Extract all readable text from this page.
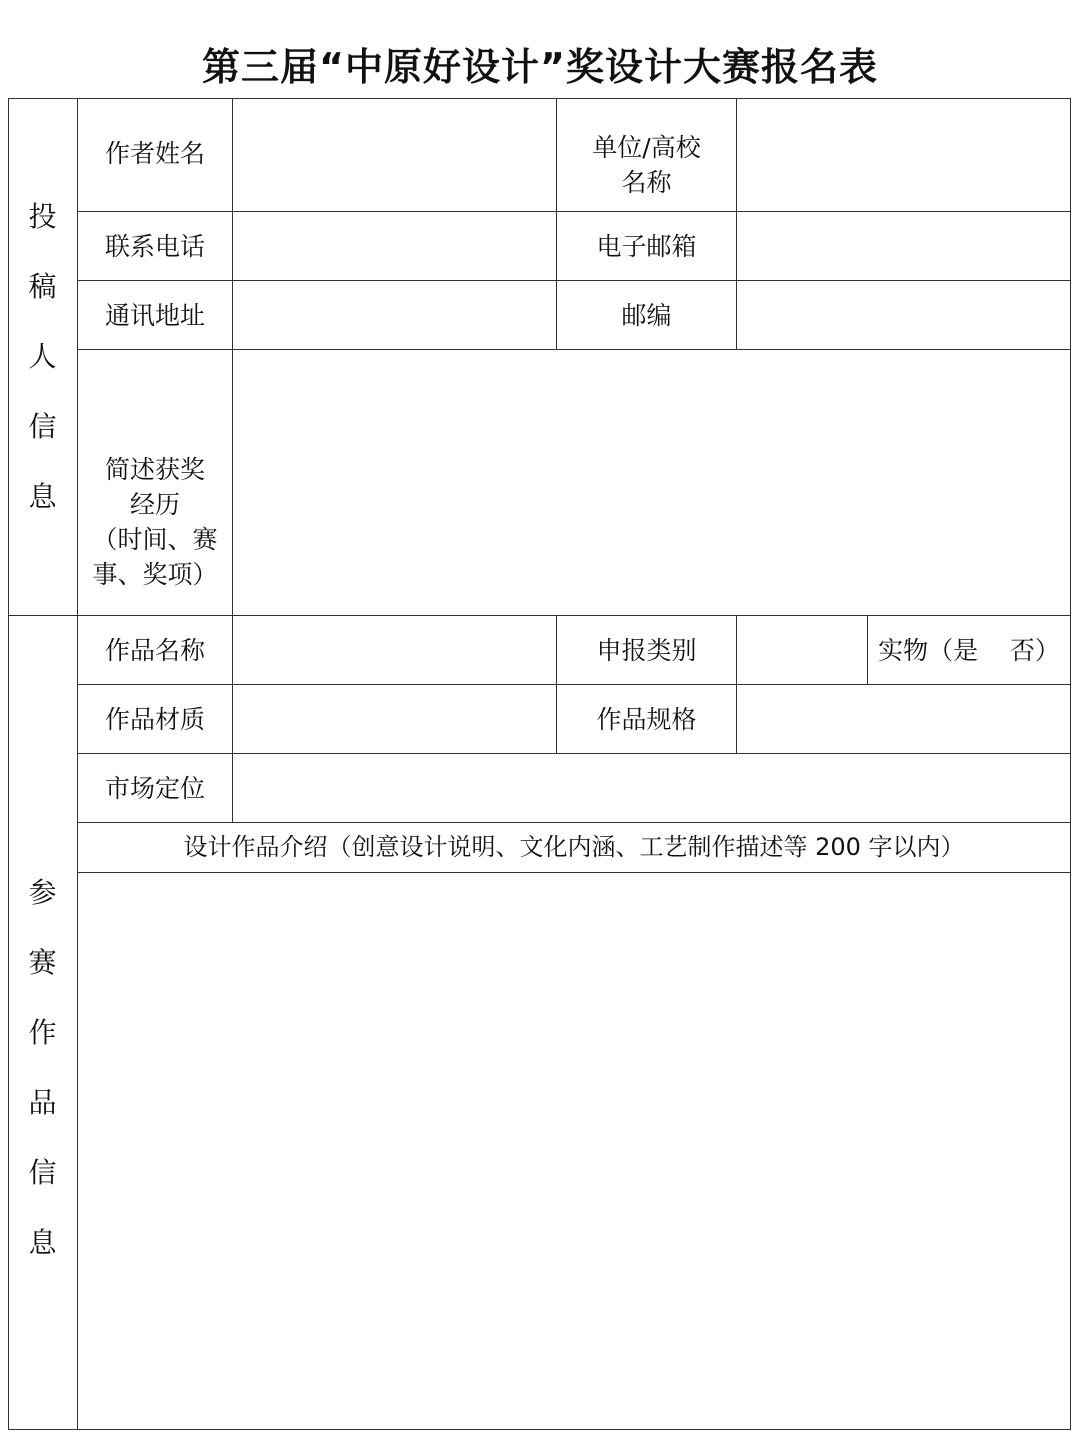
第三届“中原好设计”奖设计大赛报名表
投
稿
人
信
息
作者姓名	单位/高校
名称
联系电话	电子邮箱
通讯地址	邮编
简述获奖
经历
（时间、赛
事、奖项）
参
赛
作
品
信
息
作品名称	申报类别	实物（是    否）
作品材质	作品规格
市场定位
设计作品介绍（创意设计说明、文化内涵、工艺制作描述等 200 字以内）
